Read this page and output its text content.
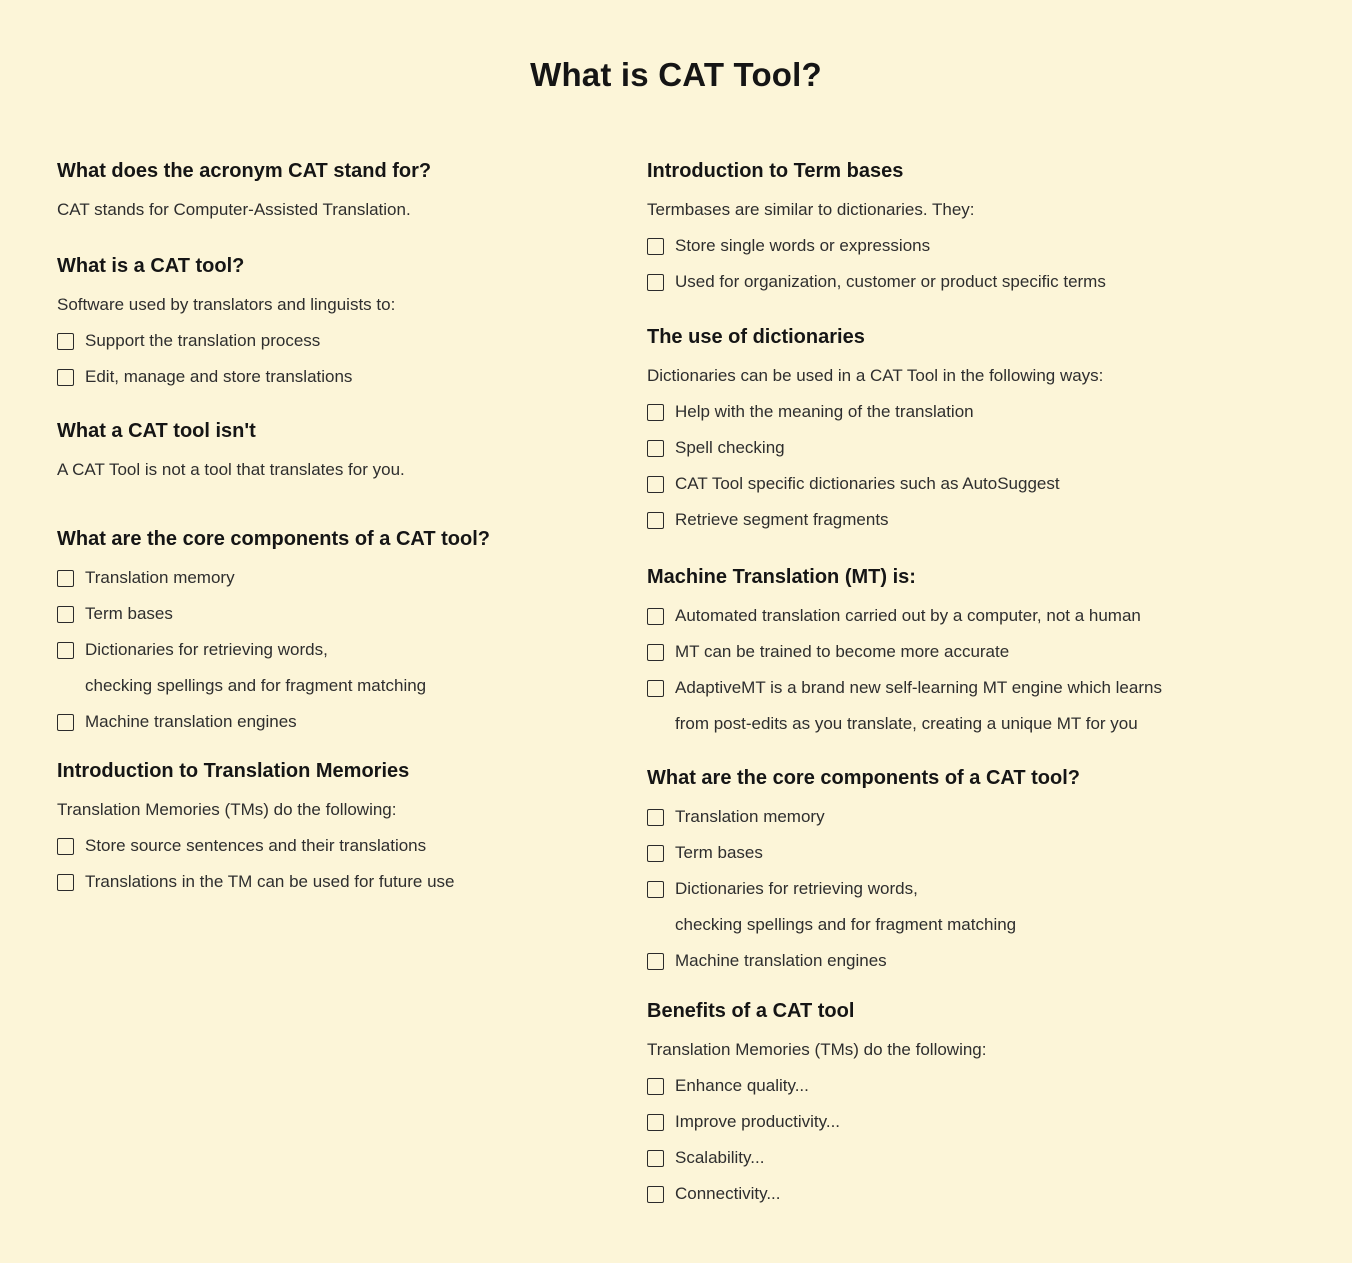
What is CAT Tool?
What does the acronym CAT stand for?

CAT stands for Computer-Assisted Translation.

What is a CAT tool?

Software used by translators and linguists to:

Support the translation process
Edit, manage and store translations
What a CAT tool isn't

A CAT Tool is not a tool that translates for you.

What are the core components of a CAT tool?
Translation memory
Term bases
Dictionaries for retrieving words,
checking spellings and for fragment matching
Machine translation engines
Introduction to Translation Memories

Translation Memories (TMs) do the following:

Store source sentences and their translations
Translations in the TM can be used for future use
Introduction to Term bases

Termbases are similar to dictionaries. They:

Store single words or expressions
Used for organization, customer or product specific terms
The use of dictionaries

Dictionaries can be used in a CAT Tool in the following ways:

Help with the meaning of the translation
Spell checking
CAT Tool specific dictionaries such as AutoSuggest
Retrieve segment fragments
Machine Translation (MT) is:
Automated translation carried out by a computer, not a human
MT can be trained to become more accurate
AdaptiveMT is a brand new self-learning MT engine which learns
from post-edits as you translate, creating a unique MT for you
What are the core components of a CAT tool?
Translation memory
Term bases
Dictionaries for retrieving words,
checking spellings and for fragment matching
Machine translation engines
Benefits of a CAT tool

Translation Memories (TMs) do the following:

Enhance quality...
Improve productivity...
Scalability...
Connectivity...
